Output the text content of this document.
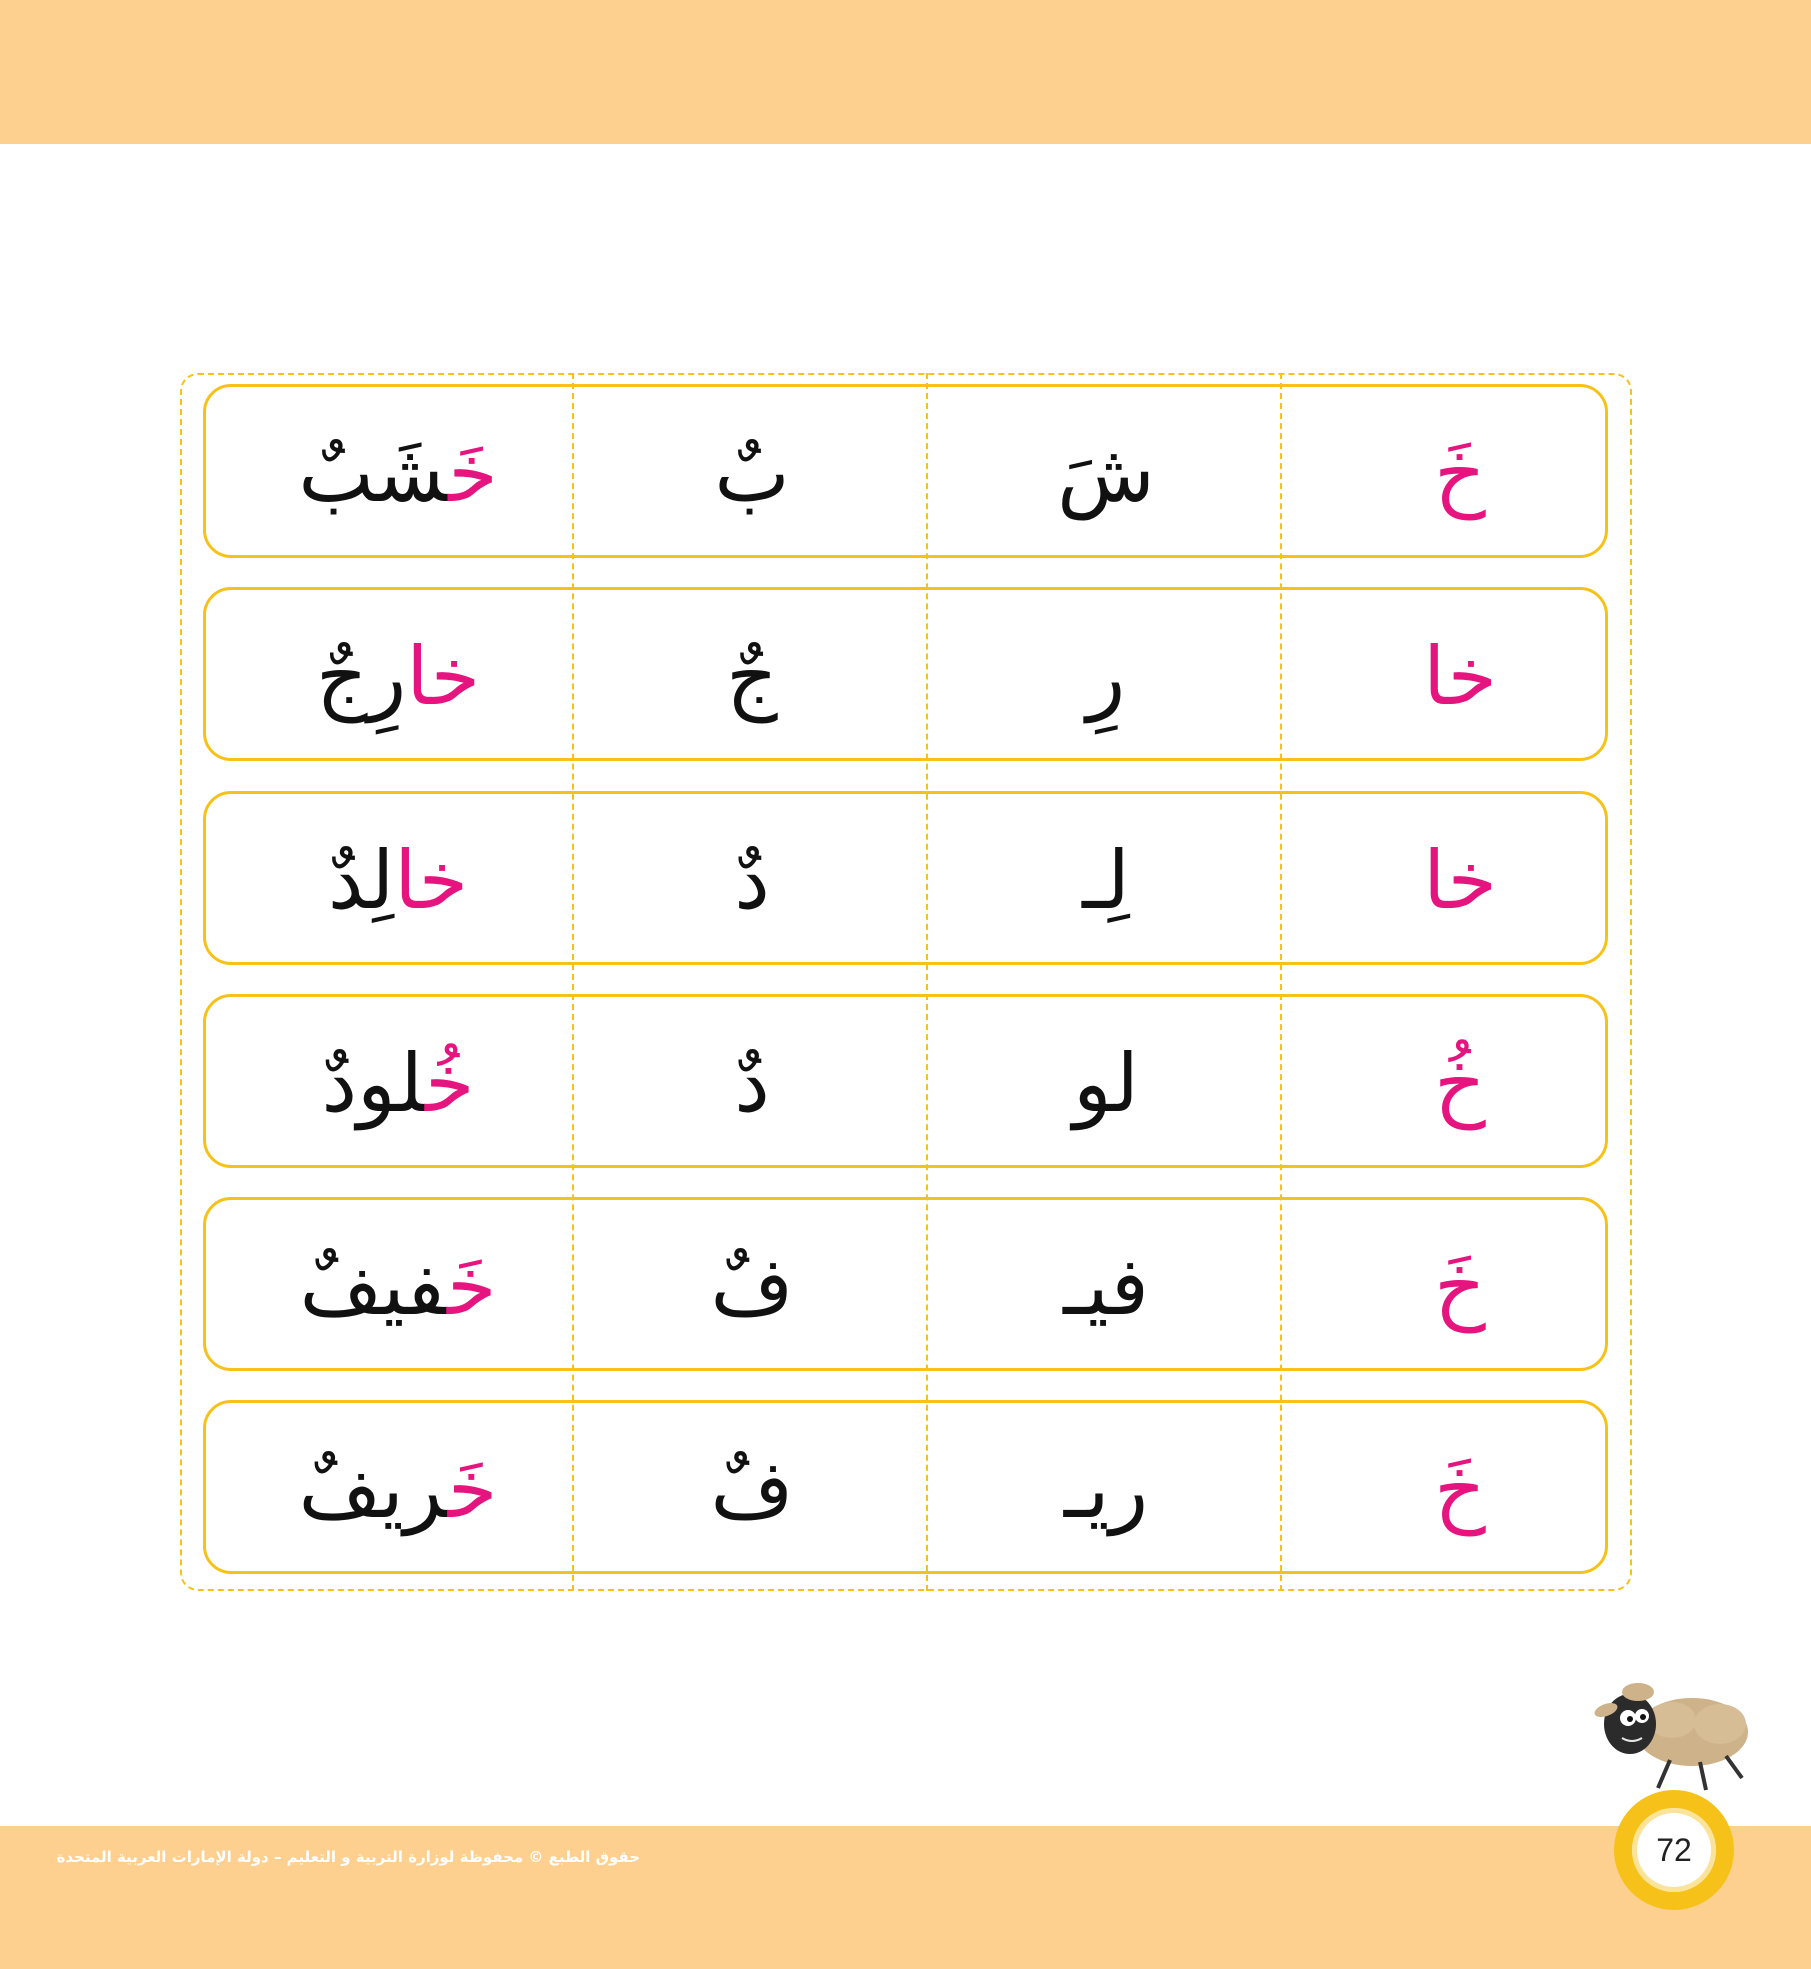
خَ
شَ
بٌ
خَشَبٌ
خا
رِ
جٌ
خارِجٌ
خا
لِـ
دٌ
خالِدٌ
خُ
لو
دٌ
خُلودٌ
خَ
فيـ
فٌ
خَفيفٌ
خَ
ريـ
فٌ
خَريفٌ
حقوق الطبع © محفوظة لوزارة التربية و التعليم – دولة الإمارات العربية المتحدة	72
